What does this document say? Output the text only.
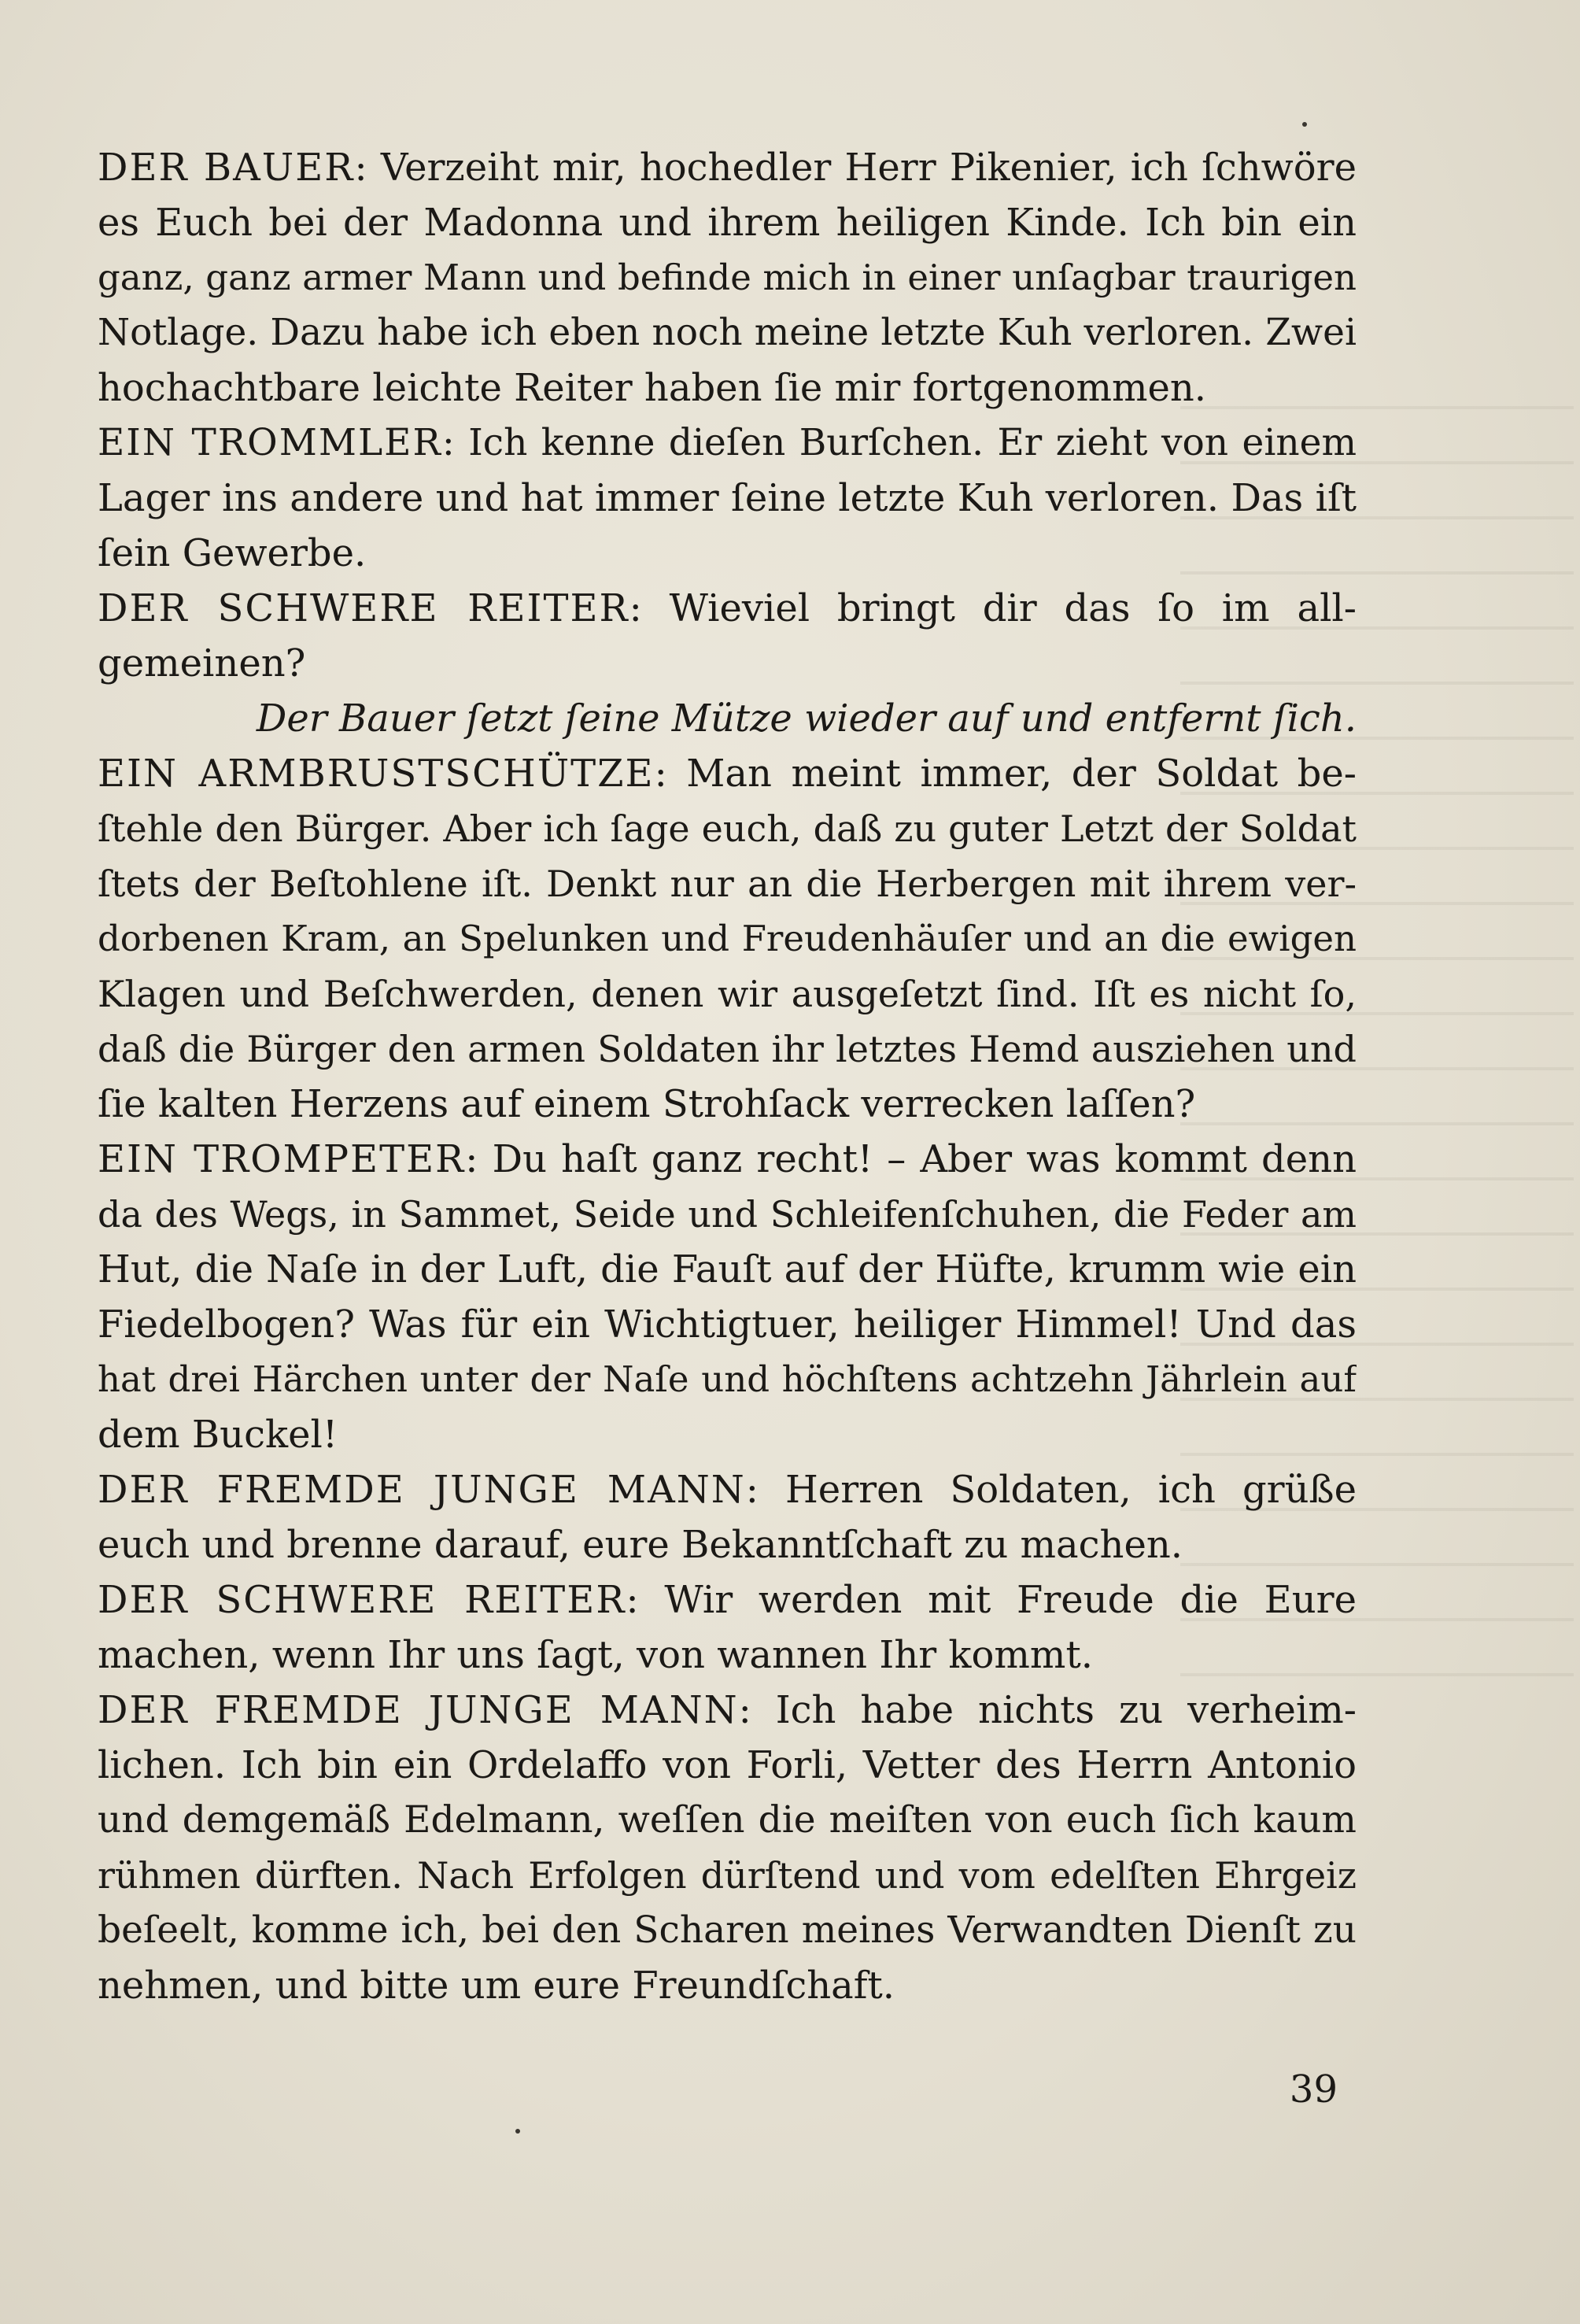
DER BAUER: Verzeiht mir, hochedler Herr Pikenier, ich ſchwöre
es Euch bei der Madonna und ihrem heiligen Kinde. Ich bin ein
ganz, ganz armer Mann und befinde mich in einer unſagbar traurigen
Notlage. Dazu habe ich eben noch meine letzte Kuh verloren. Zwei
hochachtbare leichte Reiter haben ſie mir fortgenommen.
EIN TROMMLER: Ich kenne dieſen Burſchen. Er zieht von einem
Lager ins andere und hat immer ſeine letzte Kuh verloren. Das iſt
ſein Gewerbe.
DER SCHWERE REITER: Wieviel bringt dir das ſo im all-
gemeinen?
Der Bauer ſetzt ſeine Mütze wieder auf und entfernt ſich.
EIN ARMBRUSTSCHÜTZE: Man meint immer, der Soldat be-
ſtehle den Bürger. Aber ich ſage euch, daß zu guter Letzt der Soldat
ſtets der Beſtohlene iſt. Denkt nur an die Herbergen mit ihrem ver-
dorbenen Kram, an Spelunken und Freudenhäuſer und an die ewigen
Klagen und Beſchwerden, denen wir ausgeſetzt ſind. Iſt es nicht ſo,
daß die Bürger den armen Soldaten ihr letztes Hemd ausziehen und
ſie kalten Herzens auf einem Strohſack verrecken laſſen?
EIN TROMPETER: Du haſt ganz recht! – Aber was kommt denn
da des Wegs, in Sammet, Seide und Schleifenſchuhen, die Feder am
Hut, die Naſe in der Luft, die Fauſt auf der Hüfte, krumm wie ein
Fiedelbogen? Was für ein Wichtigtuer, heiliger Himmel! Und das
hat drei Härchen unter der Naſe und höchſtens achtzehn Jährlein auf
dem Buckel!
DER FREMDE JUNGE MANN: Herren Soldaten, ich grüße
euch und brenne darauf, eure Bekanntſchaft zu machen.
DER SCHWERE REITER: Wir werden mit Freude die Eure
machen, wenn Ihr uns ſagt, von wannen Ihr kommt.
DER FREMDE JUNGE MANN: Ich habe nichts zu verheim-
lichen. Ich bin ein Ordelaffo von Forli, Vetter des Herrn Antonio
und demgemäß Edelmann, weſſen die meiſten von euch ſich kaum
rühmen dürften. Nach Erfolgen dürſtend und vom edelſten Ehrgeiz
beſeelt, komme ich, bei den Scharen meines Verwandten Dienſt zu
nehmen, und bitte um eure Freundſchaft.
39
